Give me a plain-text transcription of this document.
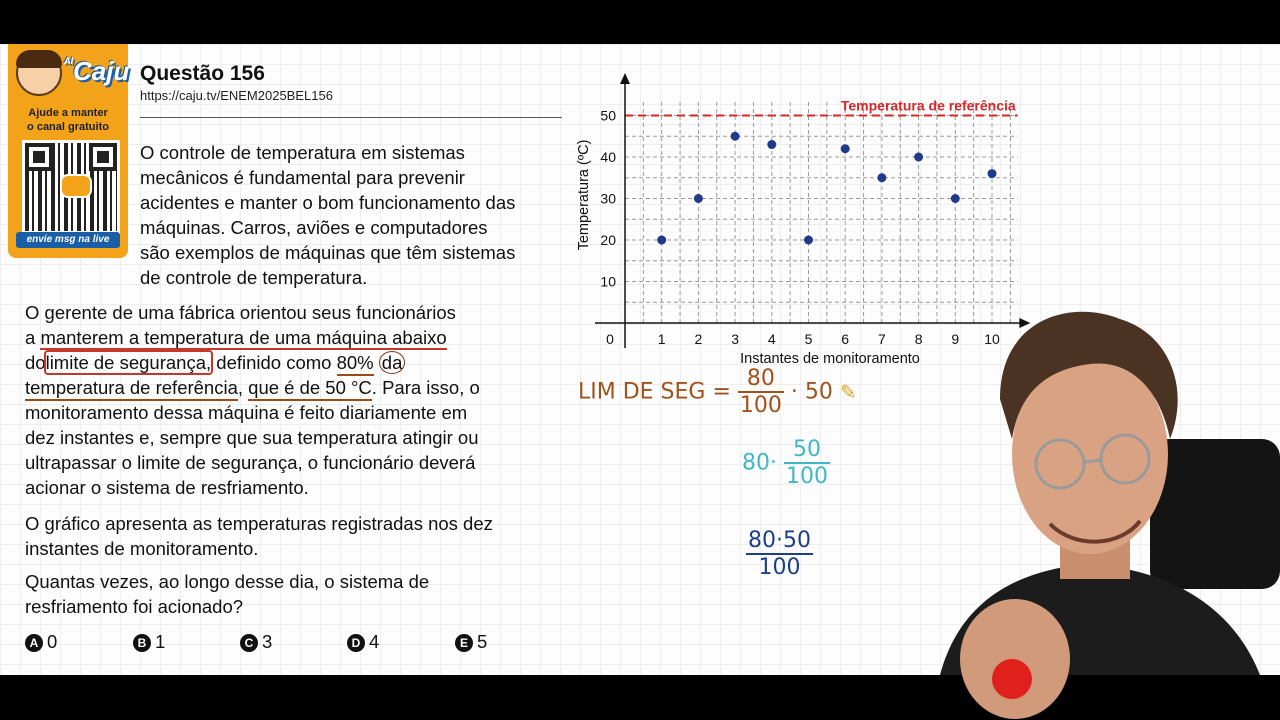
$^{AI}$Caju
Ajude a manter
o canal gratuito
envie msg na live
Questão 156
https://caju.tv/ENEM2025BEL156
O controle de temperatura em sistemas
mecânicos é fundamental para prevenir
acidentes e manter o bom funcionamento das
máquinas. Carros, aviões e computadores
são exemplos de máquinas que têm sistemas
de controle de temperatura.
O gerente de uma fábrica orientou seus funcionários
a manterem a temperatura de uma máquina abaixo
dolimite de segurança, definido como 80% da
temperatura de referência, que é de 50 °C. Para isso, o
monitoramento dessa máquina é feito diariamente em
dez instantes e, sempre que sua temperatura atingir ou
ultrapassar o limite de segurança, o funcionário deverá
acionar o sistema de resfriamento.
O gráfico apresenta as temperaturas registradas nos dez
instantes de monitoramento.
Quantas vezes, ao longo desse dia, o sistema de
resfriamento foi acionado?
A 0	B 1	C 3	D 4	E 5
Temperatura de referência
0	1 2 3 4 5 6 7 8 9 10
10
20
30
40
50
Instantes de monitoramento
Temperatura (ºC)
LIM DE SEG = $\frac{80}{100} \cdot 50$ ✎
$80\cdot \frac{50}{100}$
$\frac{80\cdot 50}{100}$
